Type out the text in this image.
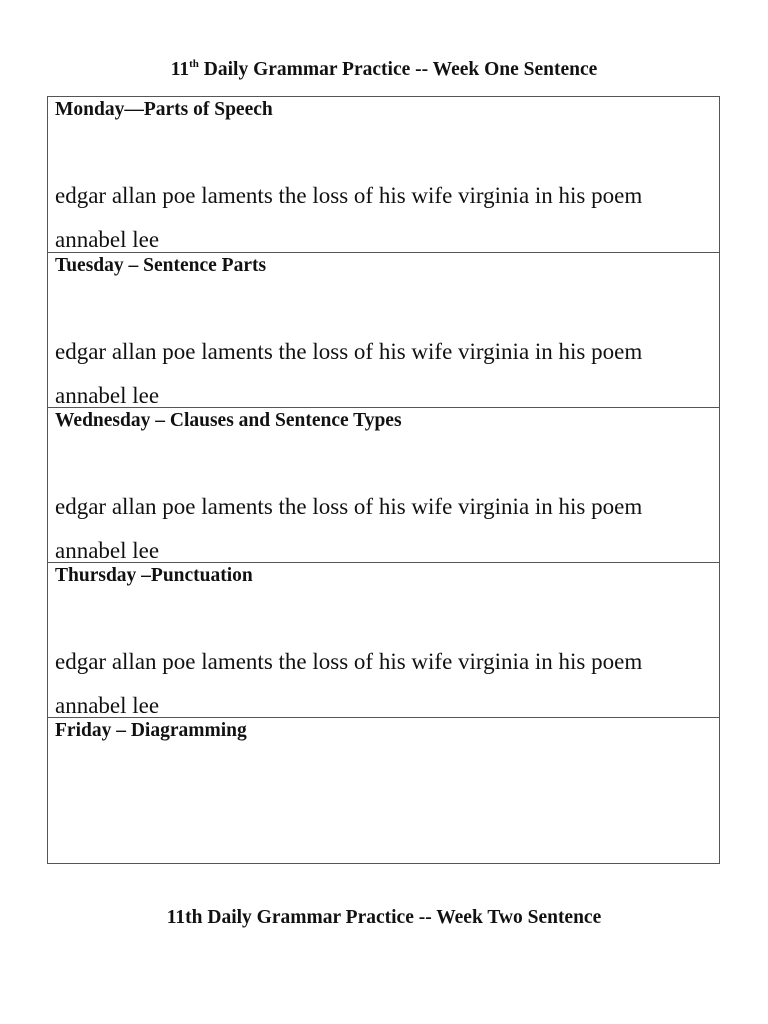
11th Daily Grammar Practice -- Week One Sentence
Monday—Parts of Speech
edgar allan poe laments the loss of his wife virginia in his poem annabel lee
Tuesday – Sentence Parts
edgar allan poe laments the loss of his wife virginia in his poem annabel lee
Wednesday – Clauses and Sentence Types
edgar allan poe laments the loss of his wife virginia in his poem annabel lee
Thursday –Punctuation
edgar allan poe laments the loss of his wife virginia in his poem annabel lee
Friday – Diagramming
11th Daily Grammar Practice -- Week Two Sentence
